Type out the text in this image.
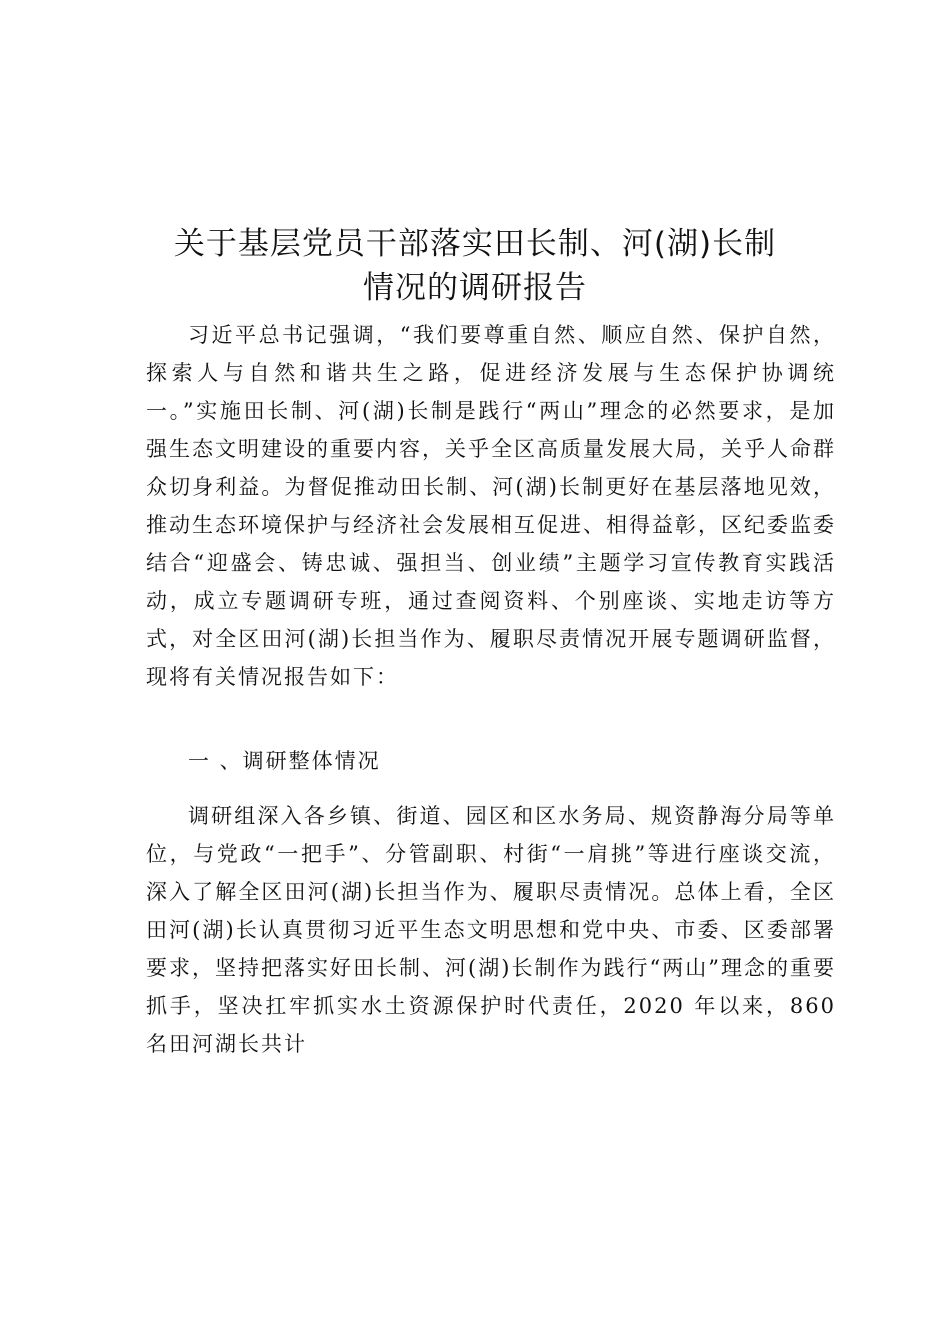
关于基层党员干部落实田长制、河(湖)长制
情况的调研报告

习近平总书记强调，“我们要尊重自然、顺应自然、保护自然，探索人与自然和谐共生之路，促进经济发展与生态保护协调统一。”实施田长制、河(湖)长制是践行“两山”理念的必然要求，是加强生态文明建设的重要内容，关乎全区高质量发展大局，关乎人命群众切身利益。为督促推动田长制、河(湖)长制更好在基层落地见效，推动生态环境保护与经济社会发展相互促进、相得益彰，区纪委监委结合“迎盛会、铸忠诚、强担当、创业绩”主题学习宣传教育实践活动，成立专题调研专班，通过查阅资料、个别座谈、实地走访等方式，对全区田河(湖)长担当作为、履职尽责情况开展专题调研监督，现将有关情况报告如下：

一 、调研整体情况

调研组深入各乡镇、街道、园区和区水务局、规资静海分局等单位，与党政“一把手”、分管副职、村街“一肩挑”等进行座谈交流，深入了解全区田河(湖)长担当作为、履职尽责情况。总体上看，全区田河(湖)长认真贯彻习近平生态文明思想和党中央、市委、区委部署要求，坚持把落实好田长制、河(湖)长制作为践行“两山”理念的重要抓手，坚决扛牢抓实水土资源保护时代责任，2020 年以来，860 名田河湖长共计
